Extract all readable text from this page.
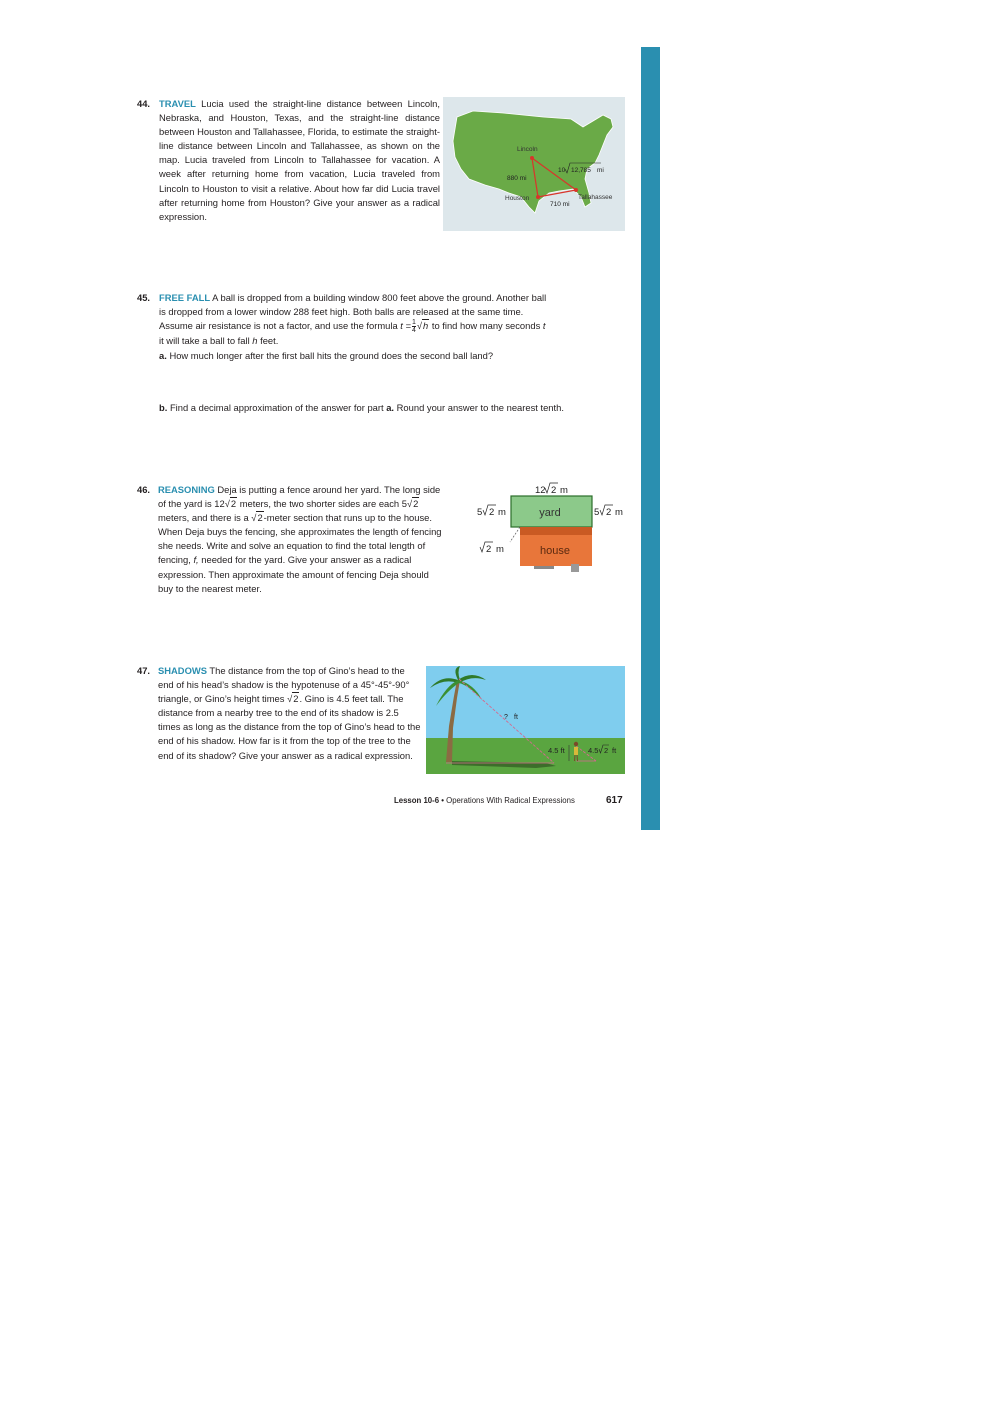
44. TRAVEL Lucia used the straight-line distance between Lincoln, Nebraska, and Houston, Texas, and the straight-line distance between Houston and Tallahassee, Florida, to estimate the straight-line distance between Lincoln and Tallahassee, as shown on the map. Lucia traveled from Lincoln to Tallahassee for vacation. A week after returning home from vacation, Lucia traveled from Lincoln to Houston to visit a relative. About how far did Lucia travel after returning home from Houston? Give your answer as a radical expression.

Lincoln
Houston	Tallahassee
880 mi
710 mi
10 12,785 mi
45. FREE FALL A ball is dropped from a building window 800 feet above the ground. Another ball is dropped from a lower window 288 feet high. Both balls are released at the same time. Assume air resistance is not a factor, and use the formula $t = \frac{1}{4} √h$ to find how many seconds t it will take a ball to fall h feet.

a. How much longer after the first ball hits the ground does the second ball land?
b. Find a decimal approximation of the answer for part a. Round your answer to the nearest tenth.
46. REASONING Deja is putting a fence around her yard. The long side of the yard is 12√2 meters, the two shorter sides are each 5√2 meters, and there is a √2-meter section that runs up to the house. When Deja buys the fencing, she approximates the length of fencing she needs. Write and solve an equation to find the total length of fencing, f, needed for the yard. Give your answer as a radical expression. Then approximate the amount of fencing Deja should buy to the nearest meter.

yard
house
12 2 m
5 2 m	5 2 m
2 m
47. SHADOWS The distance from the top of Gino’s head to the end of his head’s shadow is the hypotenuse of a 45°-45°-90° triangle, or Gino’s height times √2. Gino is 4.5 feet tall. The distance from a nearby tree to the end of its shadow is 2.5 times as long as the distance from the top of Gino’s head to the end of his shadow. How far is it from the top of the tree to the end of its shadow? Give your answer as a radical expression.

? ft
4.5 ft	4.5 2 ft
Lesson 10-6 • Operations With Radical Expressions	617
